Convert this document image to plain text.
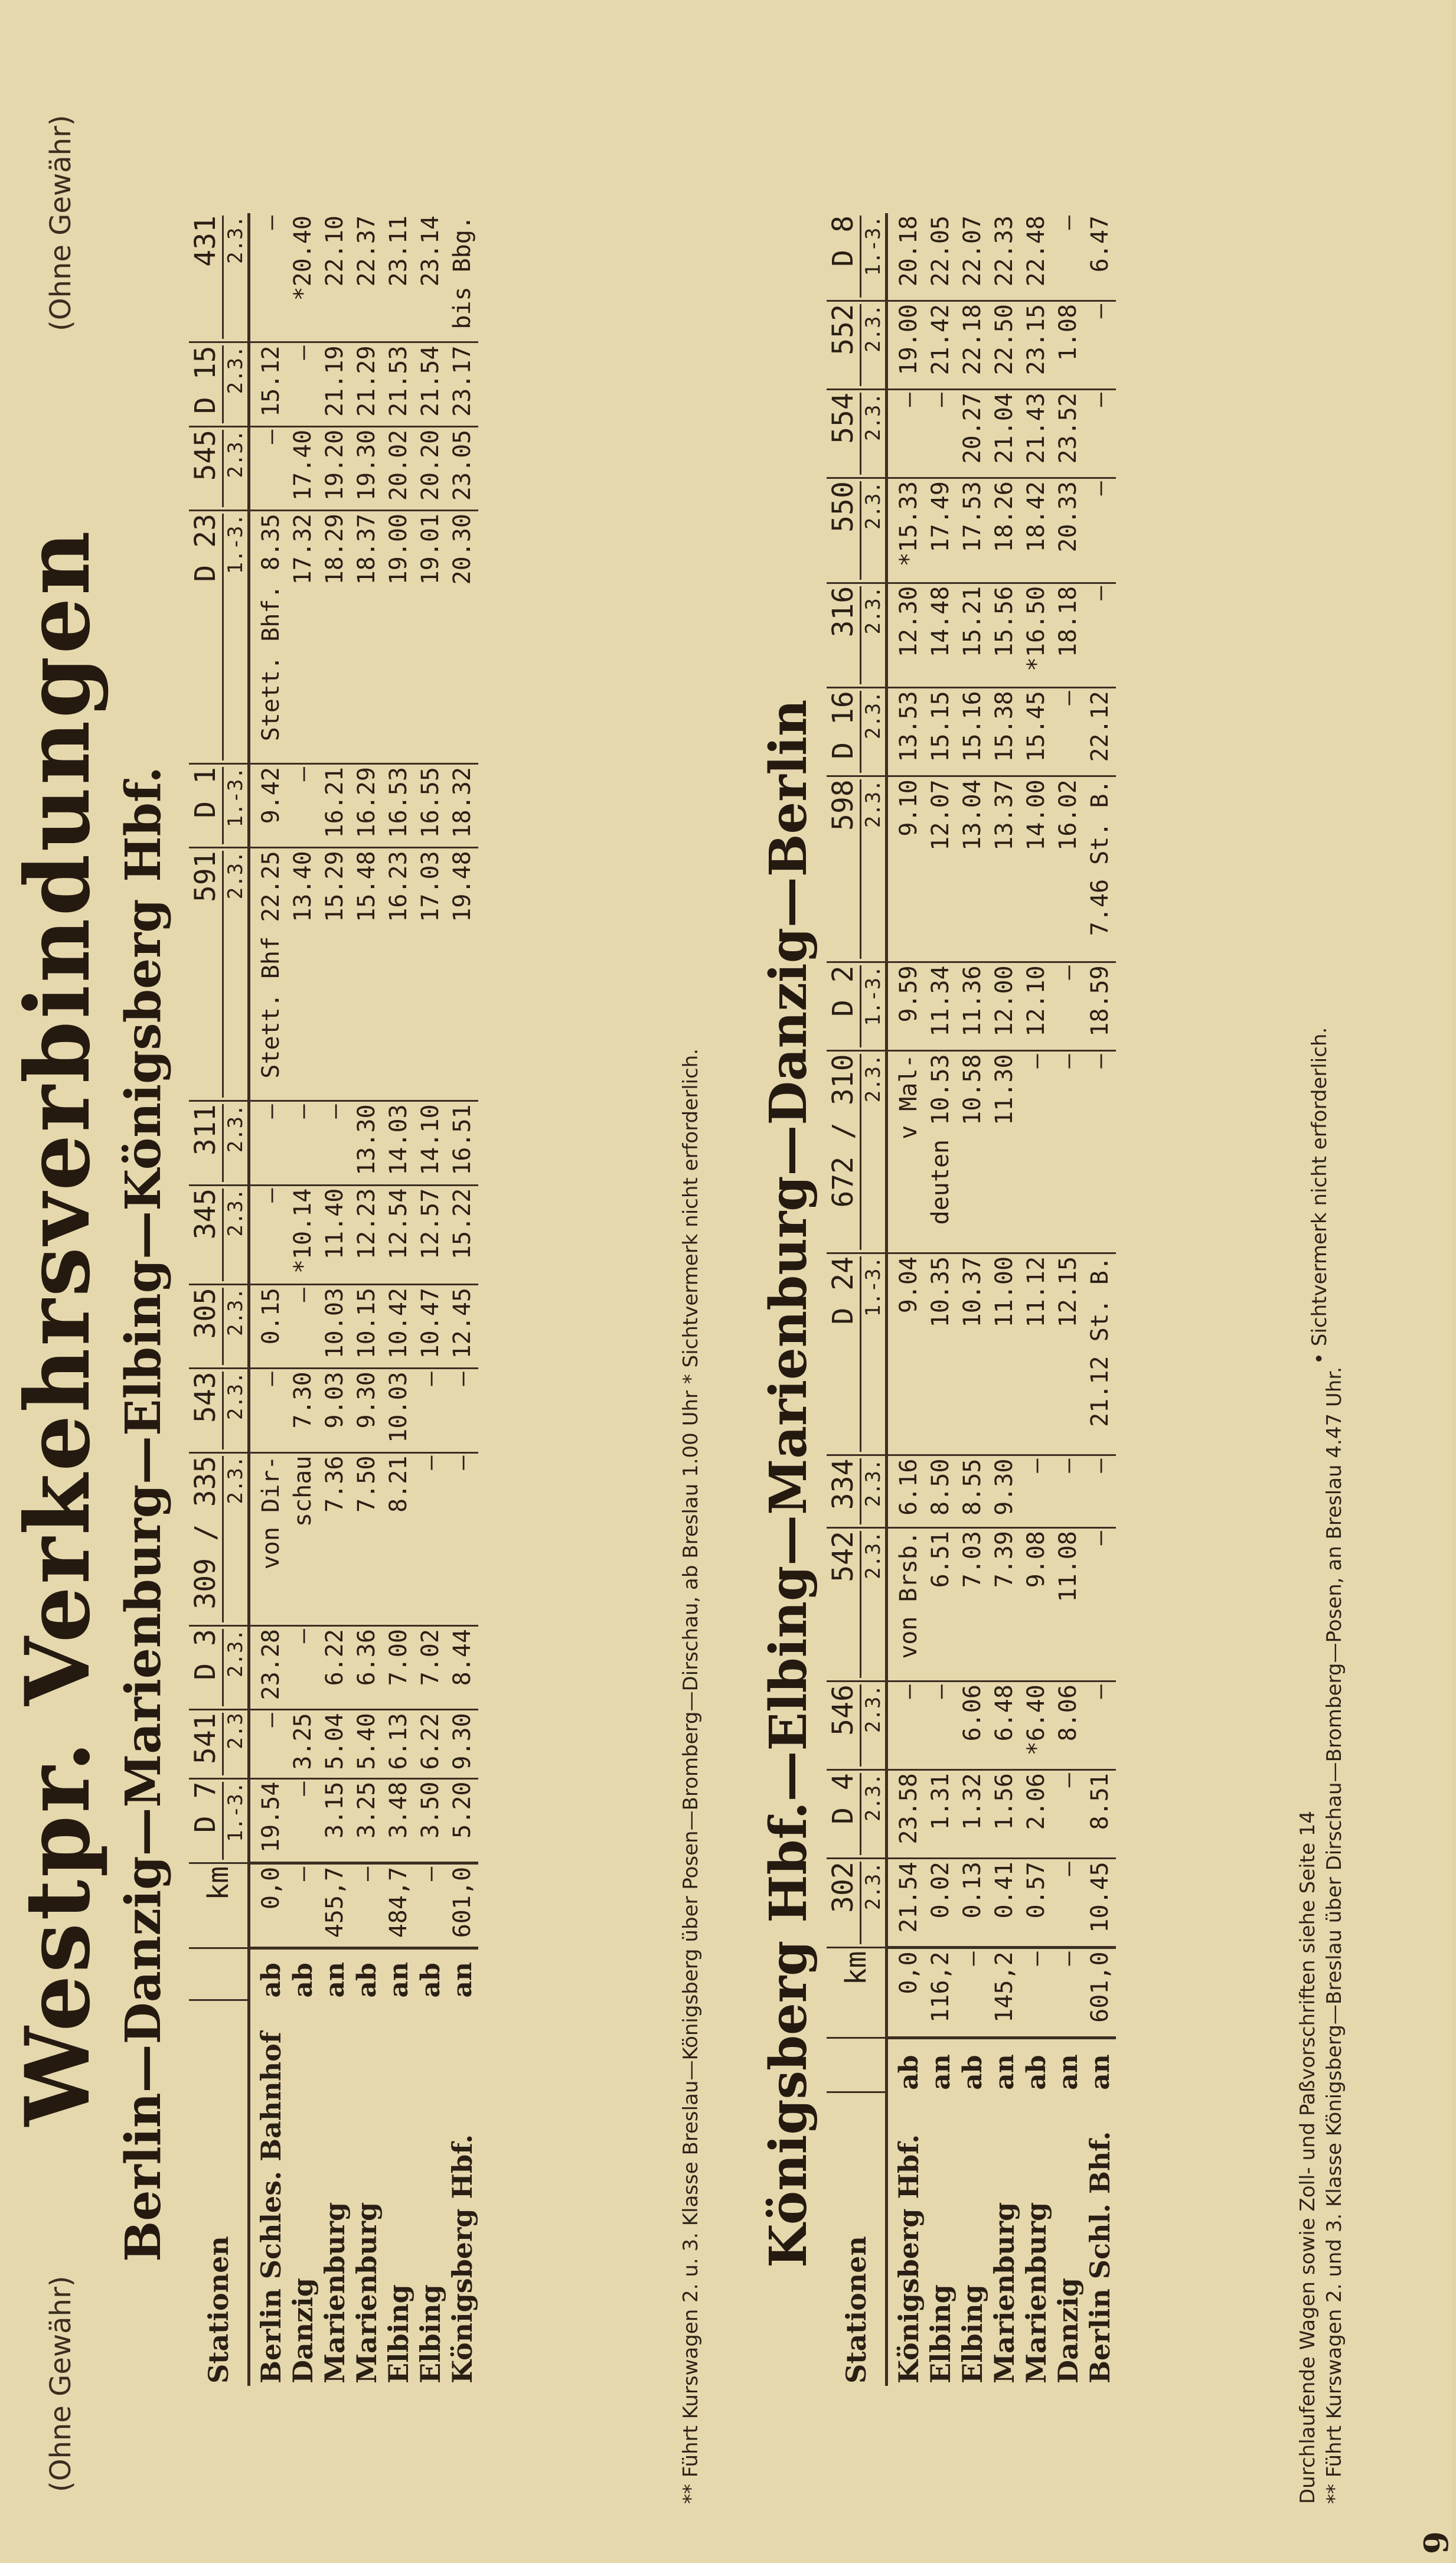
(Ohne Gewähr)
Westpr. Verkehrsverbindungen
(Ohne Gewähr)
Berlin—Danzig—Marienburg—Elbing—Königsberg Hbf.
Stationen		km	D 7 1.-3.	541 2.3	D 3 2.3.	309 / 335 2.3.	543 2.3.	305 2.3.	345 2.3.	311 2.3.	591 2.3.	D 1 1.-3.	D 23 1.-3.	545 2.3.	D 15 2.3.	431 2.3.

Berlin Schles. Bahnhof	ab	0,0	19.54	—	23.28	von Dir-	—	0.15	—	—	Stett. Bhf 22.25	9.42	Stett. Bhf. 8.35	—	15.12	—
Danzig	ab	—	—	3.25	—	schau	7.30	—	*10.14	—	13.40	—	17.32	17.40	—	*20.40
Marienburg	an	455,7	3.15	5.04	6.22	7.36	9.03	10.03	11.40	—	15.29	16.21	18.29	19.20	21.19	22.10
Marienburg	ab	—	3.25	5.40	6.36	7.50	9.30	10.15	12.23	13.30	15.48	16.29	18.37	19.30	21.29	22.37
Elbing	an	484,7	3.48	6.13	7.00	8.21	10.03	10.42	12.54	14.03	16.23	16.53	19.00	20.02	21.53	23.11
Elbing	ab	—	3.50	6.22	7.02	—	—	10.47	12.57	14.10	17.03	16.55	19.01	20.20	21.54	23.14
Königsberg Hbf.	an	601,0	5.20	9.30	8.44	—	—	12.45	15.22	16.51	19.48	18.32	20.30	23.05	23.17	bis Bbg.
** Führt Kurswagen 2. u. 3. Klasse Breslau—Königsberg über Posen—Bromberg—Dirschau, ab Breslau 1.00 Uhr * Sichtvermerk nicht erforderlich. Königsberg Hbf.—Elbing—Marienburg—Danzig—Berlin
Stationen		km	302 2.3.	D 4 2.3.	546 2.3.	542 2.3.	334 2.3.	D 24 1.-3.	672 / 310 2.3.	D 2 1.-3.	598 2.3.	D 16 2.3.	316 2.3.	550 2.3.	554 2.3.	552 2.3.	D 8 1.-3.

Königsberg Hbf.	ab	0,0	21.54	23.58	—	von Brsb.	6.16	9.04	v Mal-	9.59	9.10	13.53	12.30	*15.33	—	19.00	20.18
Elbing	an	116,2	0.02	1.31	—	6.51	8.50	10.35	deuten 10.53	11.34	12.07	15.15	14.48	17.49	—	21.42	22.05
Elbing	ab	—	0.13	1.32	6.06	7.03	8.55	10.37	10.58	11.36	13.04	15.16	15.21	17.53	20.27	22.18	22.07
Marienburg	an	145,2	0.41	1.56	6.48	7.39	9.30	11.00	11.30	12.00	13.37	15.38	15.56	18.26	21.04	22.50	22.33
Marienburg	ab	—	0.57	2.06	*6.40	9.08	—	11.12	—	12.10	14.00	15.45	*16.50	18.42	21.43	23.15	22.48
Danzig	an	—	—	—	8.06	11.08	—	12.15	—	—	16.02	—	18.18	20.33	23.52	1.08	—
Berlin Schl. Bhf.	an	601,0	10.45	8.51	—	—	—	21.12 St. B.	—	18.59	7.46 St. B.	22.12	—	—	—	—	6.47
Durchlaufende Wagen sowie Zoll- und Paßvorschriften siehe Seite 14 ** Führt Kurswagen 2. und 3. Klasse Königsberg—Breslau über Dirschau—Bromberg—Posen, an Breslau 4.47 Uhr.
• Sichtvermerk nicht erforderlich.
9
